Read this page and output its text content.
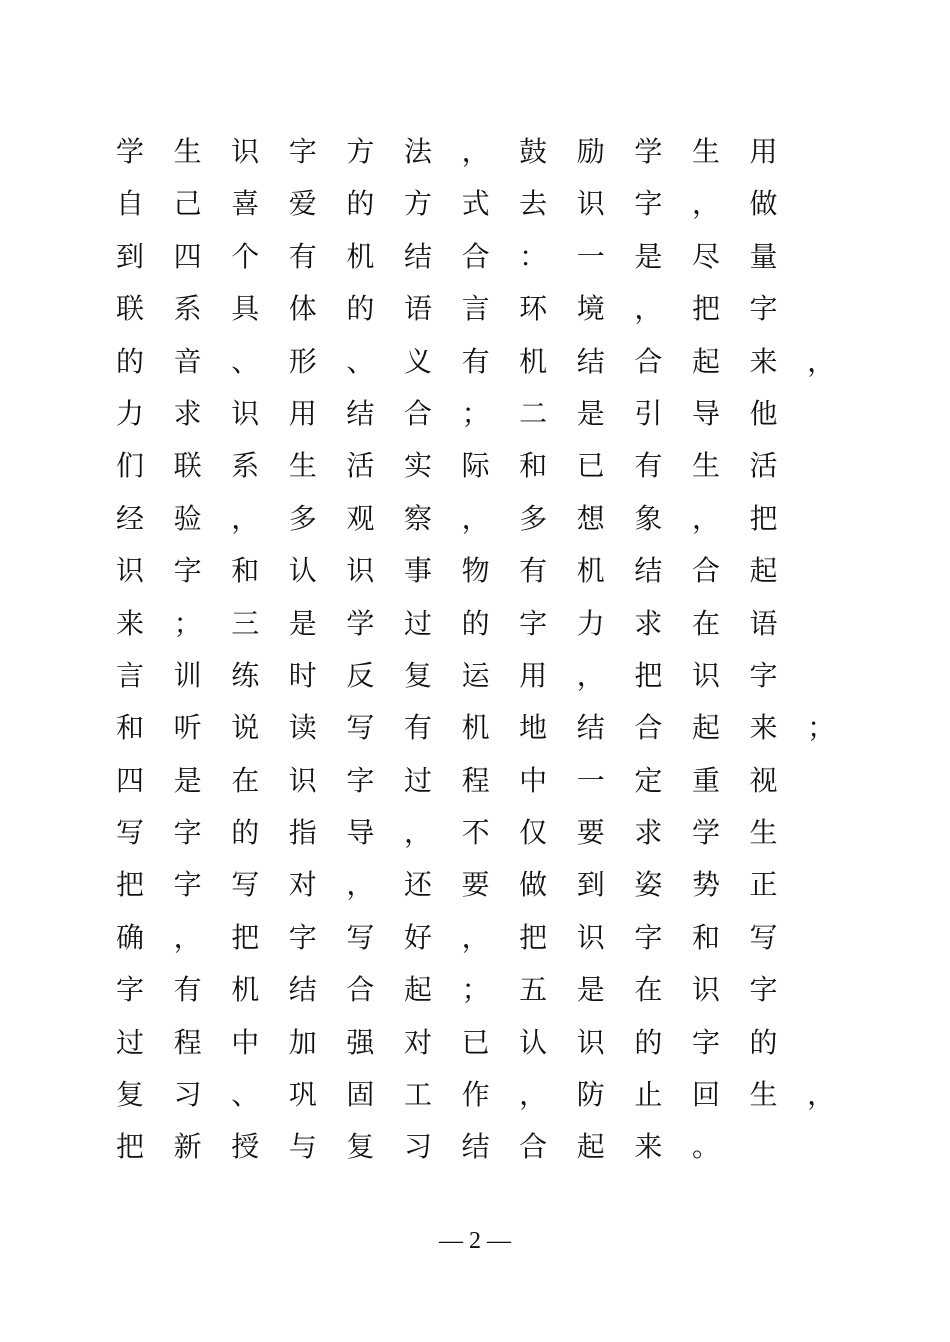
学 生 识 字 方 法 ， 鼓 励 学 生 用
自 己 喜 爱 的 方 式 去 识 字 ， 做
到 四 个 有 机 结 合 ： 一 是 尽 量
联 系 具 体 的 语 言 环 境 ， 把 字
的 音 、 形 、 义 有 机 结 合 起 来 ，
力 求 识 用 结 合 ； 二 是 引 导 他
们 联 系 生 活 实 际 和 已 有 生 活
经 验 ， 多 观 察 ， 多 想 象 ， 把
识 字 和 认 识 事 物 有 机 结 合 起
来 ； 三 是 学 过 的 字 力 求 在 语
言 训 练 时 反 复 运 用 ， 把 识 字
和 听 说 读 写 有 机 地 结 合 起 来 ；
四 是 在 识 字 过 程 中 一 定 重 视
写 字 的 指 导 ， 不 仅 要 求 学 生
把 字 写 对 ， 还 要 做 到 姿 势 正
确 ， 把 字 写 好 ， 把 识 字 和 写
字 有 机 结 合 起 ； 五 是 在 识 字
过 程 中 加 强 对 已 认 识 的 字 的
复 习 、 巩 固 工 作 ， 防 止 回 生 ，
把 新 授 与 复 习 结 合 起 来 。
— 2 —
